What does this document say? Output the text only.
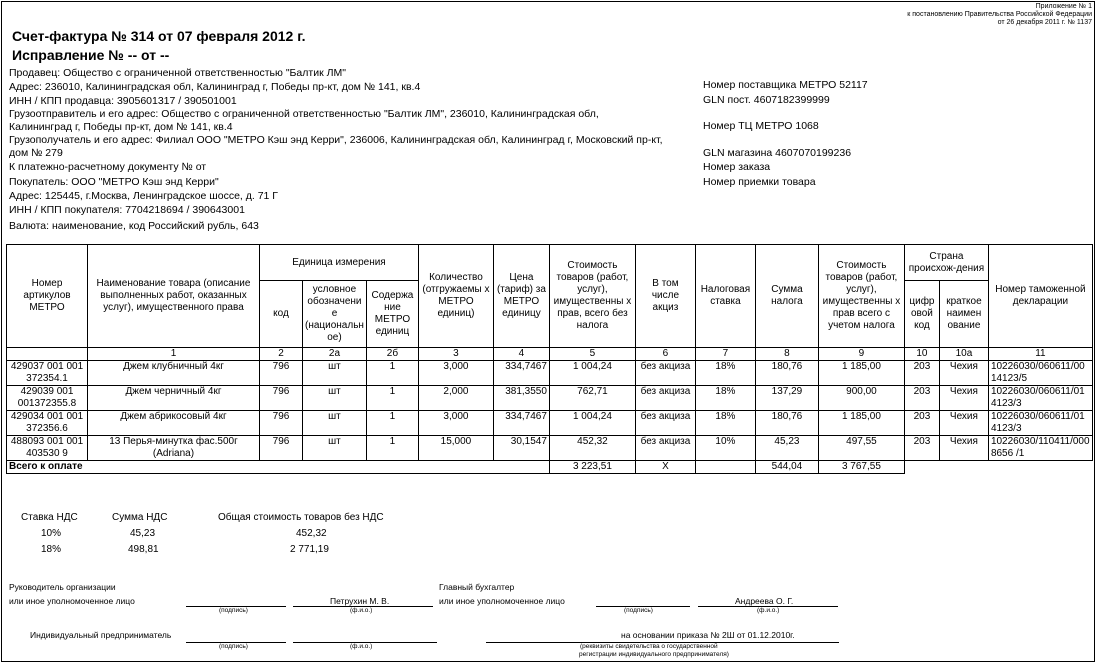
Приложение № 1
к постановлению Правительства Российской Федерации
от 26 декабря 2011 г. № 1137
Счет-фактура № 314 от 07 февраля 2012 г.
Исправление № -- от --
Продавец: Общество с ограниченной ответственностью "Балтик ЛМ"
Адрес: 236010, Калининградская обл, Калининград г, Победы пр-кт, дом № 141, кв.4
ИНН / КПП продавца: 3905601317 / 390501001
Грузоотправитель и его адрес: Общество с ограниченной ответственностью "Балтик ЛМ", 236010, Калининградская обл,
Калининград г, Победы пр-кт, дом № 141, кв.4
Грузополучатель и его адрес: Филиал ООО "МЕТРО Кэш энд Керри", 236006, Калининградская обл, Калининград г, Московский пр-кт,
дом № 279
К платежно-расчетному документу № от
Покупатель: ООО "МЕТРО Кэш энд Керри"
Адрес: 125445, г.Москва, Ленинградское шоссе, д. 71 Г
ИНН / КПП покупателя: 7704218694 / 390643001
Валюта: наименование, код Российский рубль, 643
Номер поставщика МЕТРО 52117
GLN пост. 4607182399999
Номер ТЦ МЕТРО 1068
GLN магазина 4607070199236
Номер заказа
Номер приемки товара
Номер артикулов МЕТРО	Наименование товара (описание выполненных работ, оказанных услуг), имущественного права	Единица измерения			Количество (отгружаемы х МЕТРО единиц)	Цена (тариф) за МЕТРО единицу	Стоимость товаров (работ, услуг), имущественны х прав, всего без налога	В том числе акциз	Налоговая ставка	Сумма налога	Стоимость товаров (работ, услуг), имущественны х прав всего с учетом налога	Страна происхож-дения		Номер таможенной декларации
		код	условное обозначени е (национальн ое)	Содержа ние МЕТРО единиц								цифр овой код	краткое наимен ование	
	1	2	2а	2б	3	4	5	6	7	8	9	10	10а	11
429037 001 001 372354.1	Джем клубничный 4кг	796	шт	1	3,000	334,7467	1 004,24	без акциза	18%	180,76	1 185,00	203	Чехия	10226030/060611/0014123/5
429039 001 001372355.8	Джем черничный 4кг	796	шт	1	2,000	381,3550	762,71	без акциза	18%	137,29	900,00	203	Чехия	10226030/060611/014123/3
429034 001 001 372356.6	Джем абрикосовый 4кг	796	шт	1	3,000	334,7467	1 004,24	без акциза	18%	180,76	1 185,00	203	Чехия	10226030/060611/014123/3
488093 001 001 403530 9	13 Перья-минутка фас.500г (Adriana)	796	шт	1	15,000	30,1547	452,32	без акциза	10%	45,23	497,55	203	Чехия	10226030/110411/0008656 /1
Всего к оплате							3 223,51	X		544,04	3 767,55			
Ставка НДС	Сумма НДС	Общая стоимость товаров без НДС
10%	45,23	452,32
18%	498,81	2 771,19
Руководитель организации
или иное уполномоченное лицо
(подпись)
Петрухин М. В.
(ф.и.о.)
Главный бухгалтер
или иное уполномоченное лицо
(подпись)
Андреева О. Г.
(ф.и.о.)
Индивидуальный предприниматель
(подпись)	(ф.и.о.)
на основании приказа № 2Ш от 01.12.2010г.
(реквизиты свидетельства о государственной
регистрации индивидуального предпринимателя)
